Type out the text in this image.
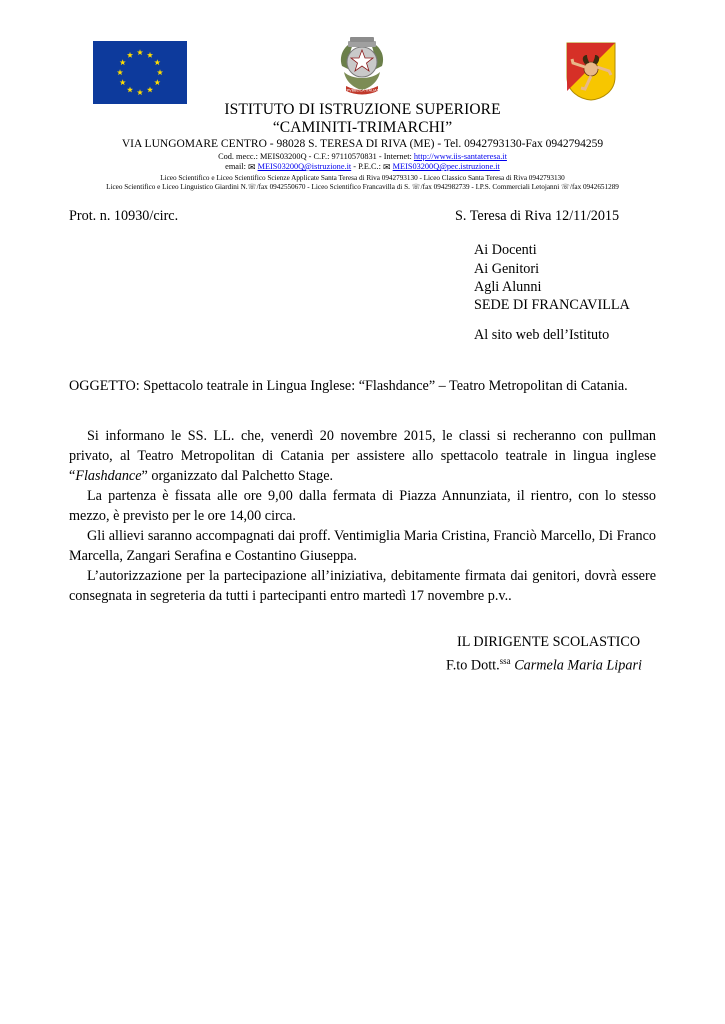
REPVBBLICA ITALIANA
ISTITUTO DI ISTRUZIONE SUPERIORE
“CAMINITI-TRIMARCHI”
VIA LUNGOMARE CENTRO - 98028 S. TERESA DI RIVA (ME) - Tel. 0942793130-Fax 0942794259
Cod. mecc.: MEIS03200Q - C.F.: 97110570831 - Internet: http://www.iis-santateresa.it
email: ✉ MEIS03200Q@istruzione.it - P.E.C.: ✉ MEIS03200Q@pec.istruzione.it
Liceo Scientifico e Liceo Scientifico Scienze Applicate Santa Teresa di Riva 0942793130 - Liceo Classico Santa Teresa di Riva 0942793130
Liceo Scientifico e Liceo Linguistico Giardini N.☏/fax 0942550670 - Liceo Scientifico Francavilla di S. ☏/fax 0942982739 - I.P.S. Commerciali Letojanni ☏/fax 0942651289
Prot. n. 10930/circ.	S. Teresa di Riva 12/11/2015
Ai Docenti
Ai Genitori
Agli Alunni
SEDE DI FRANCAVILLA
Al sito web dell’Istituto
OGGETTO: Spettacolo teatrale in Lingua Inglese: “Flashdance” – Teatro Metropolitan di Catania.
Si informano le SS. LL. che, venerdì 20 novembre 2015, le classi si recheranno con pullman privato, al Teatro Metropolitan di Catania per assistere allo spettacolo teatrale in lingua inglese “Flashdance” organizzato dal Palchetto Stage.
La partenza è fissata alle ore 9,00 dalla fermata di Piazza Annunziata, il rientro, con lo stesso mezzo, è previsto per le ore 14,00 circa.
Gli allievi saranno accompagnati dai proff. Ventimiglia Maria Cristina, Franciò Marcello, Di Franco Marcella, Zangari Serafina e Costantino Giuseppa.
L’autorizzazione per la partecipazione all’iniziativa, debitamente firmata dai genitori, dovrà essere consegnata in segreteria da tutti i partecipanti entro martedì 17 novembre p.v..
IL DIRIGENTE SCOLASTICO
F.to Dott.$^{ssa}$ Carmela Maria Lipari
